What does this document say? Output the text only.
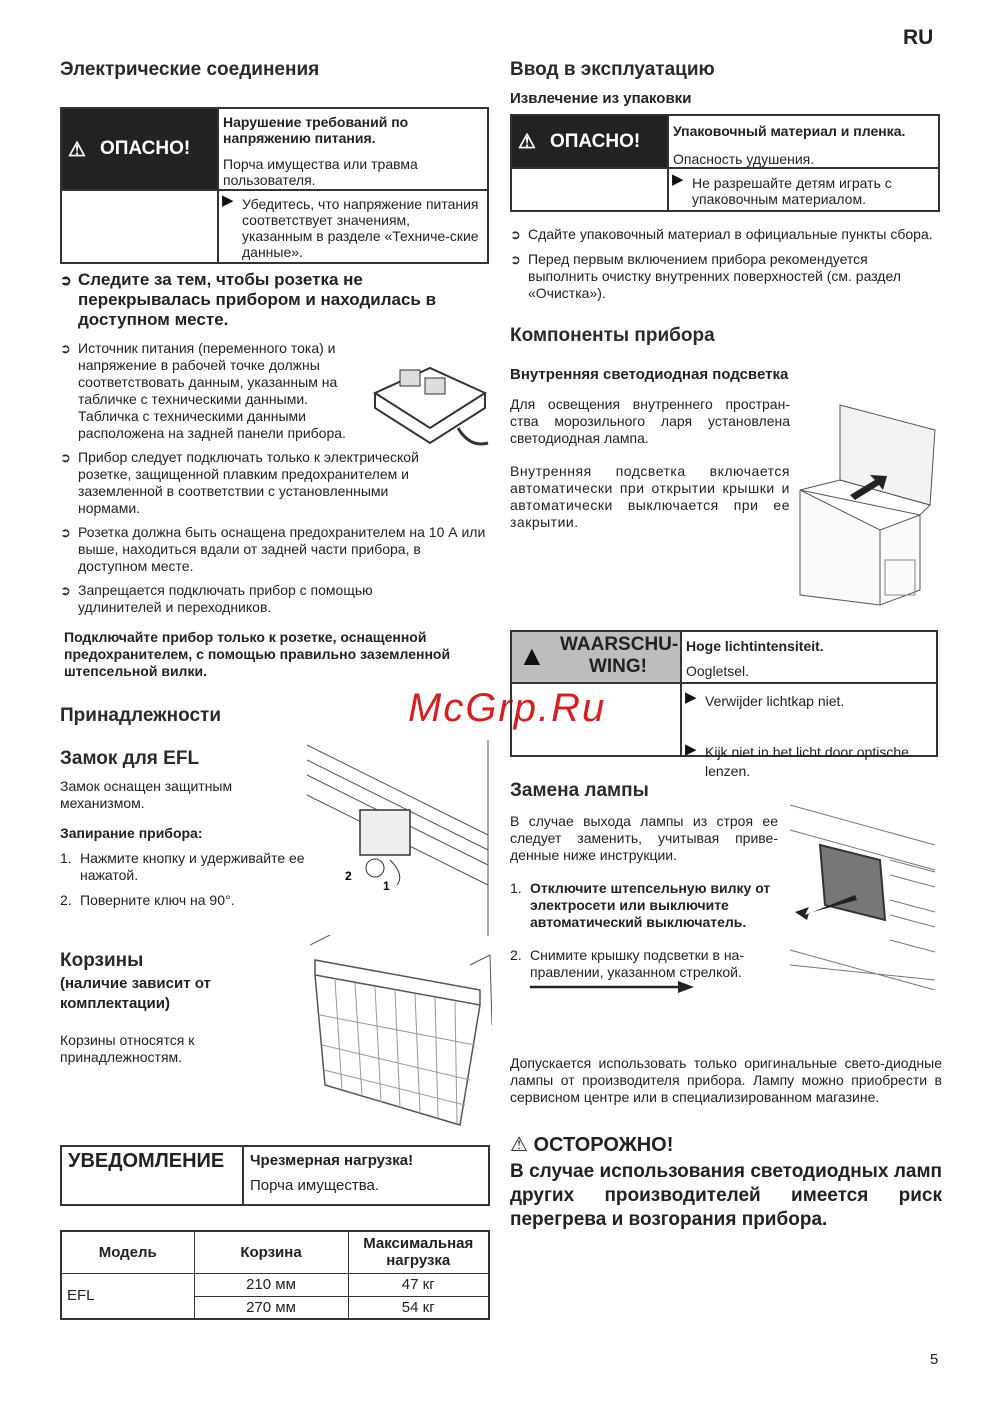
RU
Электрические соединения
⚠ ОПАСНО!
Нарушение требований по напряжению питания.
Порча имущества или травма пользователя.
▶ Убедитесь, что напряжение питания соответствует значениям, указанным в разделе «Техниче-ские данные».
➲ Следите за тем, чтобы розетка не перекрывалась прибором и находилась в доступном месте.
➲ Источник питания (переменного тока) и напряжение в рабочей точке должны соответствовать данным, указанным на табличке с техническими данными. Табличка с техническими данными расположена на задней панели прибора.
➲ Прибор следует подключать только к электрической розетке, защищенной плавким предохранителем и заземленной в соответствии с установленными нормами.
➲ Розетка должна быть оснащена предохранителем на 10 А или выше, находиться вдали от задней части прибора, в доступном месте.
➲ Запрещается подключать прибор с помощью удлинителей и переходников.
Подключайте прибор только к розетке, оснащенной предохранителем, с помощью правильно заземленной штепсельной вилки.
Принадлежности
Замок для EFL
Замок оснащен защитным механизмом.
Запирание прибора:
1. Нажмите кнопку и удерживайте ее нажатой.
2. Поверните ключ на 90°.
2
1
Корзины
(наличие зависит от комплектации)
Корзины относятся к принадлежностям.
УВЕДОМЛЕНИЕ Чрезмерная нагрузка!
Порча имущества.
Модель	Корзина	Максимальная нагрузка
EFL	210 мм	47 кг
	270 мм	54 кг
Ввод в эксплуатацию
Извлечение из упаковки
⚠ ОПАСНО! Упаковочный материал и пленка.
Опасность удушения.
▶ Не разрешайте детям играть с упаковочным материалом.
➲ Сдайте упаковочный материал в официальные пункты сбора.
➲ Перед первым включением прибора рекомендуется выполнить очистку внутренних поверхностей (см. раздел «Очистка»).
Компоненты прибора
Внутренняя светодиодная подсветка
Для освещения внутреннего простран-ства морозильного ларя установлена светодиодная лампа.
Внутренняя подсветка включается автоматически при открытии крышки и автоматически выключается при ее закрытии.
McGrp.Ru
▲ WAARSCHU-WING!
Hoge lichtintensiteit.
Oogletsel.
▶ Verwijder lichtkap niet.
▶ Kijk niet in het licht door optische lenzen.
Замена лампы
В случае выхода лампы из строя ее следует заменить, учитывая приве-денные ниже инструкции.
1. Отключите штепсельную вилку от электросети или выключите автоматический выключатель.
2. Снимите крышку подсветки в на-правлении, указанном стрелкой.
Допускается использовать только оригинальные свето-диодные лампы от производителя прибора. Лампу можно приобрести в сервисном центре или в специализированном магазине.
⚠ ОСТОРОЖНО!
В случае использования светодиодных ламп других производителей имеется риск перегрева и возгорания прибора.
5
